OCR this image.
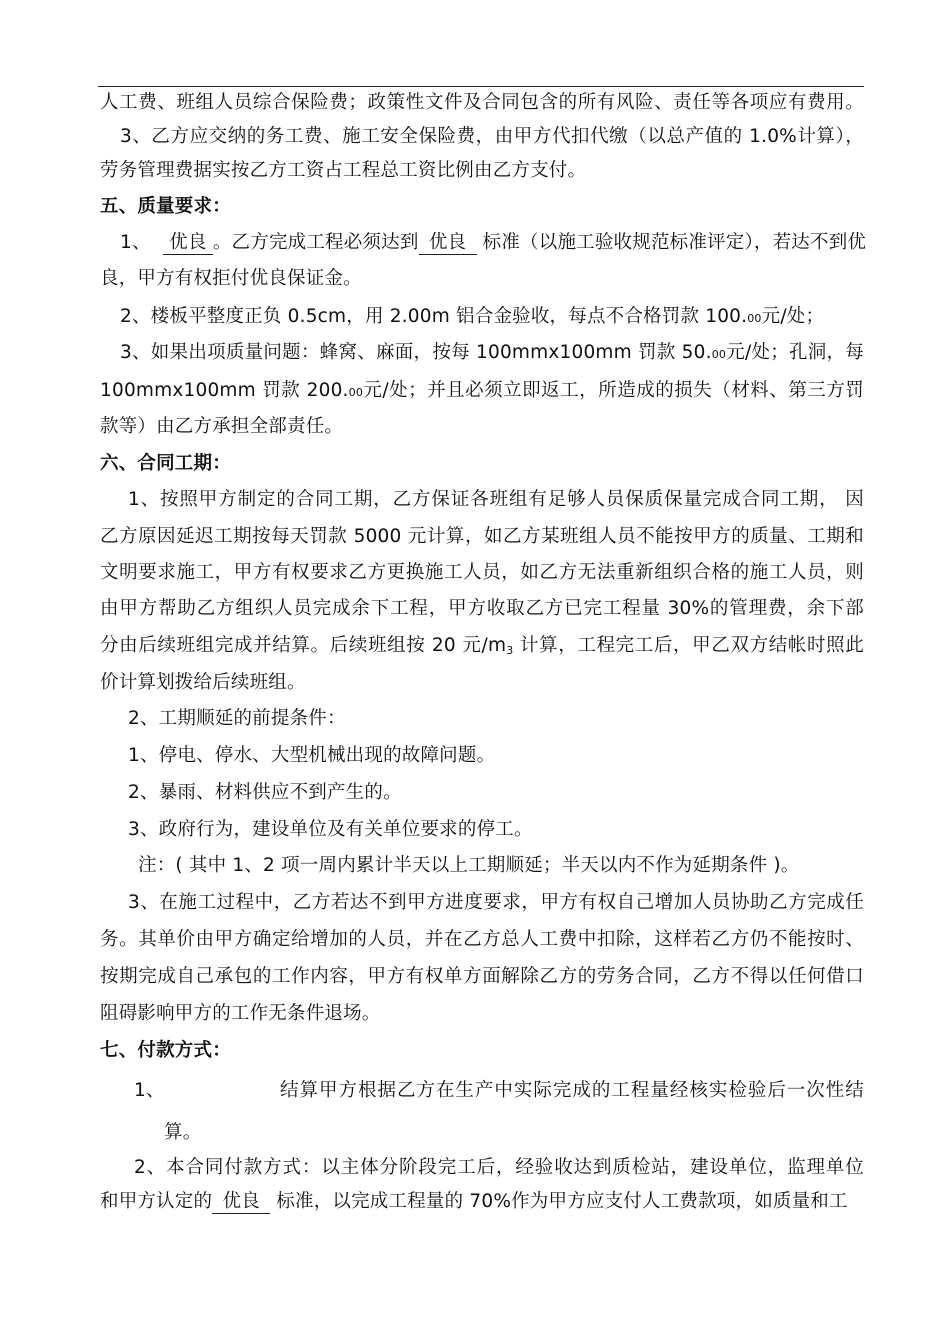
人工费、班组人员综合保险费；政策性文件及合同包含的所有风险、责任等各项应有费用。
3、乙方应交纳的务工费、施工安全保险费，由甲方代扣代缴（以总产值的 1.0%计算），
劳务管理费据实按乙方工资占工程总工资比例由乙方支付。
五、质量要求：
1、 优良 。乙方完成工程必须达到 优良 标准（以施工验收规范标准评定），若达不到优
良，甲方有权拒付优良保证金。
2、楼板平整度正负 0.5cm，用 2.00m 铝合金验收，每点不合格罚款 100.00元/处；
3、如果出项质量问题：蜂窝、麻面，按每 100mmx100mm 罚款 50.00元/处；孔洞，每
100mmx100mm 罚款 200.00元/处；并且必须立即返工，所造成的损失（材料、第三方罚
款等）由乙方承担全部责任。
六、合同工期：
1、按照甲方制定的合同工期，乙方保证各班组有足够人员保质保量完成合同工期， 因
乙方原因延迟工期按每天罚款 5000 元计算，如乙方某班组人员不能按甲方的质量、工期和
文明要求施工，甲方有权要求乙方更换施工人员，如乙方无法重新组织合格的施工人员，则
由甲方帮助乙方组织人员完成余下工程，甲方收取乙方已完工程量 30%的管理费，余下部
分由后续班组完成并结算。后续班组按 20 元/m3 计算，工程完工后，甲乙双方结帐时照此
价计算划拨给后续班组。
2、工期顺延的前提条件：
1、停电、停水、大型机械出现的故障问题。
2、暴雨、材料供应不到产生的。
3、政府行为，建设单位及有关单位要求的停工。
注：( 其中 1、2 项一周内累计半天以上工期顺延；半天以内不作为延期条件 )。
3、在施工过程中，乙方若达不到甲方进度要求，甲方有权自己增加人员协助乙方完成任
务。其单价由甲方确定给增加的人员，并在乙方总人工费中扣除，这样若乙方仍不能按时、
按期完成自己承包的工作内容，甲方有权单方面解除乙方的劳务合同，乙方不得以任何借口
阻碍影响甲方的工作无条件退场。
七、付款方式：
1、	结算甲方根据乙方在生产中实际完成的工程量经核实检验后一次性结
算。
2、本合同付款方式：以主体分阶段完工后，经验收达到质检站，建设单位，监理单位
和甲方认定的 优良 标准，以完成工程量的 70%作为甲方应支付人工费款项，如质量和工
